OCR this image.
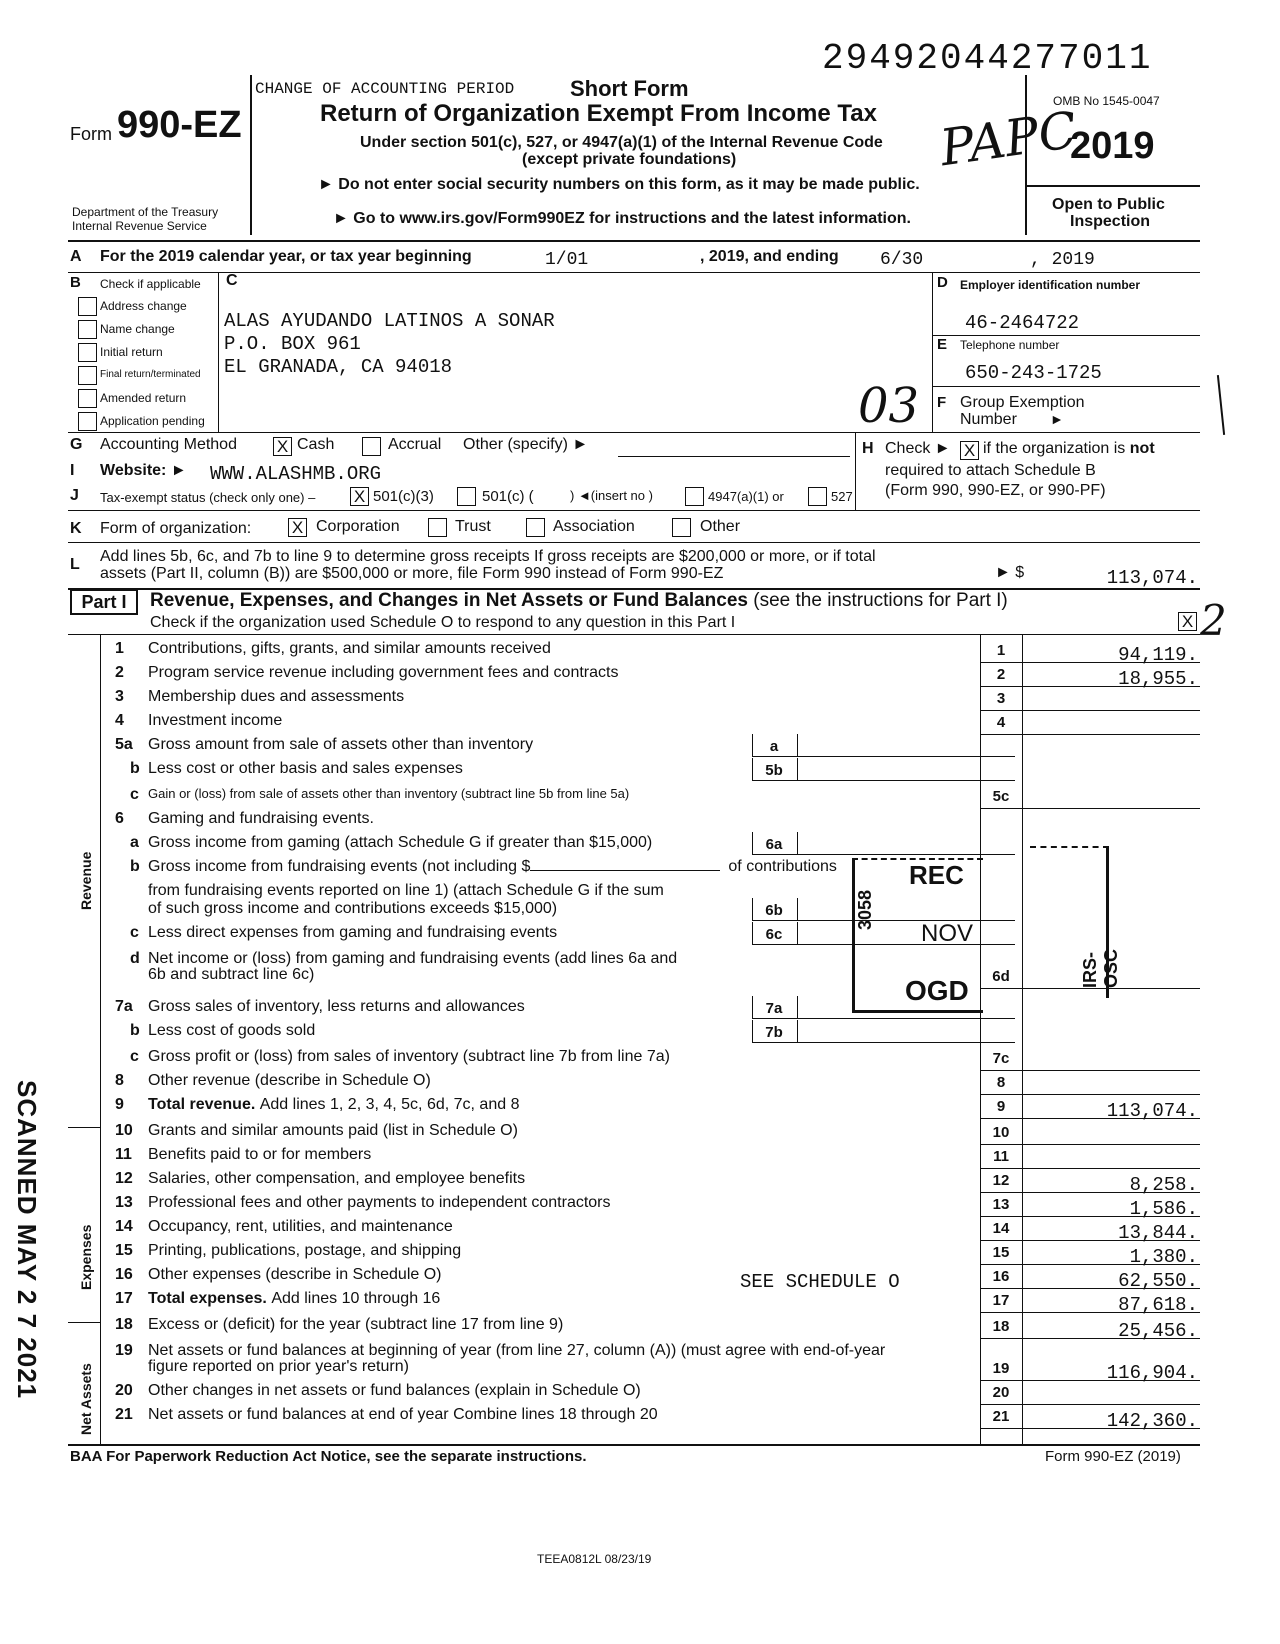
29492044277011
CHANGE OF ACCOUNTING PERIOD	Short Form
Form 990-EZ
Department of the Treasury
Internal Revenue Service
Return of Organization Exempt From Income Tax
Under section 501(c), 527, or 4947(a)(1) of the Internal Revenue Code
(except private foundations)
► Do not enter social security numbers on this form, as it may be made public.
► Go to www.irs.gov/Form990EZ for instructions and the latest information.
PAPC
OMB No 1545-0047
2019
Open to Public
Inspection
A For the 2019 calendar year, or tax year beginning	1/01	, 2019, and ending 6/30	, 2019
B Check if applicable
Address change
Name change
Initial return
Final return/terminated
Amended return
Application pending
C
ALAS AYUDANDO LATINOS A SONAR
P.O. BOX 961
EL GRANADA, CA 94018
03
D Employer identification number
46-2464722
E Telephone number
650-243-1725
F Group Exemption
Number ►
G Accounting Method X Cash	Accrual Other (specify) ►	H Check ► X if the organization is not
required to attach Schedule B
(Form 990, 990-EZ, or 990-PF)
I Website: ► WWW.ALASHMB.ORG
J Tax-exempt status (check only one) – X 501(c)(3)	501(c) (	) ◄(insert no )	4947(a)(1) or	527
K Form of organization: X Corporation	Trust	Association	Other
L Add lines 5b, 6c, and 7b to line 9 to determine gross receipts If gross receipts are $200,000 or more, or if total
assets (Part II, column (B)) are $500,000 or more, file Form 990 instead of Form 990-EZ	► $	113,074.
Part I	Revenue, Expenses, and Changes in Net Assets or Fund Balances (see the instructions for Part I)
Check if the organization used Schedule O to respond to any question in this Part I	X 2
Revenue
Expenses
Net Assets
1 Contributions, gifts, grants, and similar amounts received	1	94,119.
2 Program service revenue including government fees and contracts	2	18,955.
3 Membership dues and assessments	3
4 Investment income	4
5a Gross amount from sale of assets other than inventory	a
b Less cost or other basis and sales expenses	5b
c Gain or (loss) from sale of assets other than inventory (subtract line 5b from line 5a)	5c
6 Gaming and fundraising events.
a Gross income from gaming (attach Schedule G if greater than $15,000)	6a
b Gross income from fundraising events (not including $	of contributions
from fundraising events reported on line 1) (attach Schedule G if the sum
of such gross income and contributions exceeds $15,000)	6b
c Less direct expenses from gaming and fundraising events	6c
d Net income or (loss) from gaming and fundraising events (add lines 6a and
6b and subtract line 6c)	6d
7a Gross sales of inventory, less returns and allowances	7a
b Less cost of goods sold	7b
c Gross profit or (loss) from sales of inventory (subtract line 7b from line 7a)	7c
8 Other revenue (describe in Schedule O)	8
9 Total revenue. Add lines 1, 2, 3, 4, 5c, 6d, 7c, and 8	9	113,074.
10 Grants and similar amounts paid (list in Schedule O)	10
11 Benefits paid to or for members	11
12 Salaries, other compensation, and employee benefits	12	8,258.
13 Professional fees and other payments to independent contractors	13	1,586.
14 Occupancy, rent, utilities, and maintenance	14	13,844.
15 Printing, publications, postage, and shipping	15	1,380.
16 Other expenses (describe in Schedule O)	16	62,550.
17 Total expenses. Add lines 10 through 16	17	87,618.
18 Excess or (deficit) for the year (subtract line 17 from line 9)	18	25,456.
19 Net assets or fund balances at beginning of year (from line 27, column (A)) (must agree with end-of-year
figure reported on prior year's return)	19	116,904.
20 Other changes in net assets or fund balances (explain in Schedule O)	20
21 Net assets or fund balances at end of year Combine lines 18 through 20	21	142,360.
SEE SCHEDULE O
REC
NOV
OGD
3058
IRS-OSC
SCANNED MAY 2 7 2021
BAA For Paperwork Reduction Act Notice, see the separate instructions.	Form 990-EZ (2019)
TEEA0812L 08/23/19
